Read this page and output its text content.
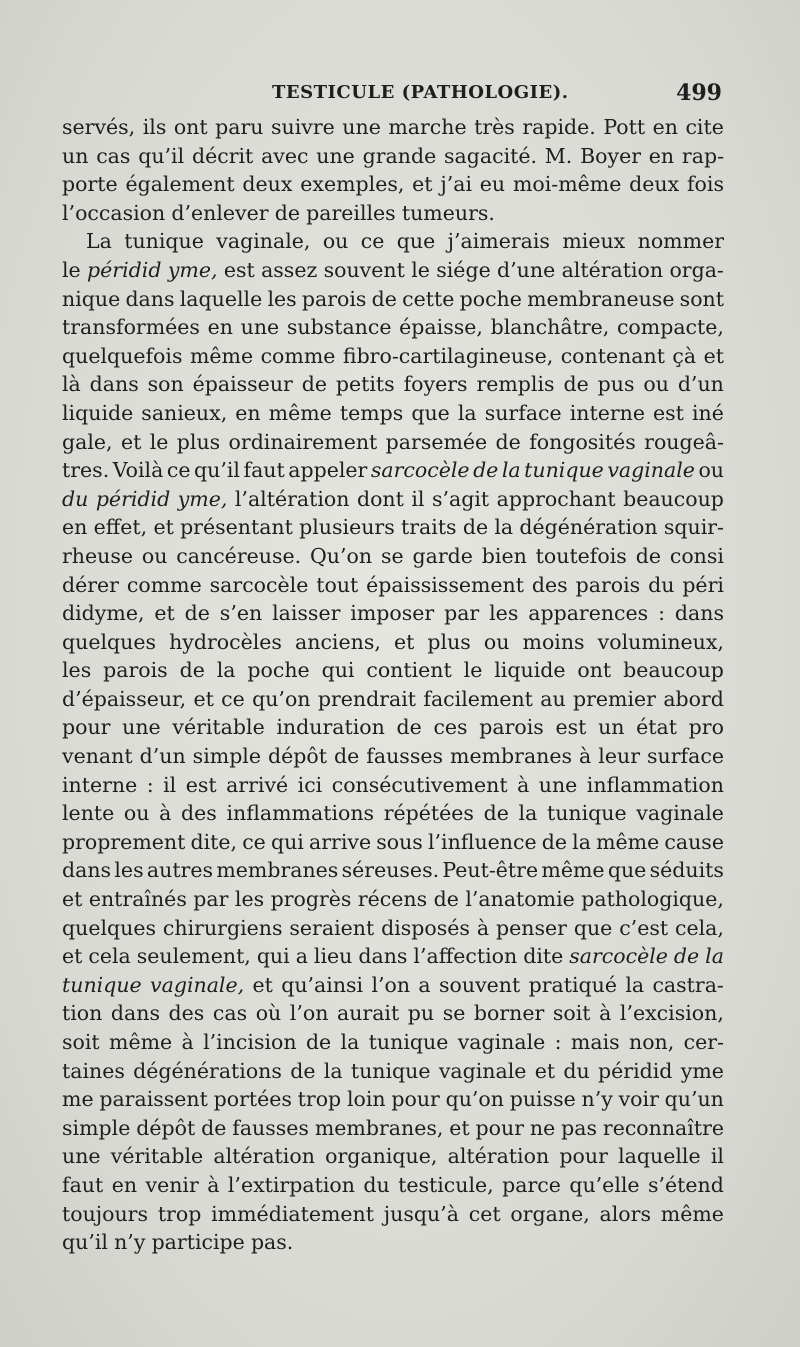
TESTICULE (PATHOLOGIE).	499
servés, ils ont paru suivre une marche très rapide. Pott en cite
un cas qu’il décrit avec une grande sagacité. M. Boyer en rap-
porte également deux exemples, et j’ai eu moi-même deux fois
l’occasion d’enlever de pareilles tumeurs.
La tunique vaginale, ou ce que j’aimerais mieux nommer
le péridid yme, est assez souvent le siége d’une altération orga-
nique dans laquelle les parois de cette poche membraneuse sont
transformées en une substance épaisse, blanchâtre, compacte,
quelquefois même comme fibro-cartilagineuse, contenant çà et
là dans son épaisseur de petits foyers remplis de pus ou d’un
liquide sanieux, en même temps que la surface interne est iné
gale, et le plus ordinairement parsemée de fongosités rougeâ-
tres. Voilà ce qu’il faut appeler sarcocèle de la tunique vaginale ou
du péridid yme, l’altération dont il s’agit approchant beaucoup
en effet, et présentant plusieurs traits de la dégénération squir-
rheuse ou cancéreuse. Qu’on se garde bien toutefois de consi
dérer comme sarcocèle tout épaississement des parois du péri
didyme, et de s’en laisser imposer par les apparences : dans
quelques hydrocèles anciens, et plus ou moins volumineux,
les parois de la poche qui contient le liquide ont beaucoup
d’épaisseur, et ce qu’on prendrait facilement au premier abord
pour une véritable induration de ces parois est un état pro
venant d’un simple dépôt de fausses membranes à leur surface
interne : il est arrivé ici consécutivement à une inflammation
lente ou à des inflammations répétées de la tunique vaginale
proprement dite, ce qui arrive sous l’influence de la même cause
dans les autres membranes séreuses. Peut-être même que séduits
et entraînés par les progrès récens de l’anatomie pathologique,
quelques chirurgiens seraient disposés à penser que c’est cela,
et cela seulement, qui a lieu dans l’affection dite sarcocèle de la
tunique vaginale, et qu’ainsi l’on a souvent pratiqué la castra-
tion dans des cas où l’on aurait pu se borner soit à l’excision,
soit même à l’incision de la tunique vaginale : mais non, cer-
taines dégénérations de la tunique vaginale et du péridid yme
me paraissent portées trop loin pour qu’on puisse n’y voir qu’un
simple dépôt de fausses membranes, et pour ne pas reconnaître
une véritable altération organique, altération pour laquelle il
faut en venir à l’extirpation du testicule, parce qu’elle s’étend
toujours trop immédiatement jusqu’à cet organe, alors même
qu’il n’y participe pas.
